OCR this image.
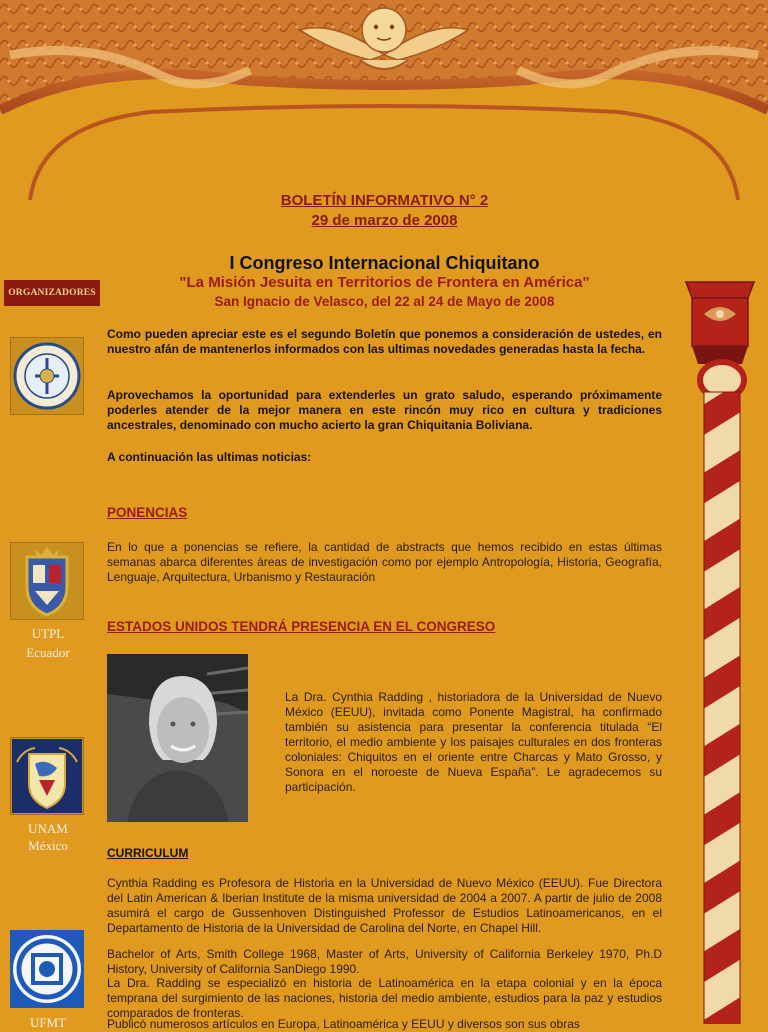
ORGANIZADORES
UTPL
Ecuador
UNAM
México
UFMT

BOLETÍN INFORMATIVO N° 2

29 de marzo de 2008

I Congreso Internacional Chiquitano

"La Misión Jesuita en Territorios de Frontera en América"

San Ignacio de Velasco, del 22 al 24 de Mayo de 2008

Como pueden apreciar este es el segundo Boletín que ponemos a consideración de ustedes, en nuestro afán de mantenerlos informados con las ultimas novedades generadas hasta la fecha.

Aprovechamos la oportunidad para extenderles un grato saludo, esperando próximamente poderles atender de la mejor manera en este rincón muy rico en cultura y tradiciones ancestrales, denominado con mucho acierto la gran Chiquitania Boliviana.

A continuación las ultimas noticias:

PONENCIAS

En lo que a ponencias se refiere, la cantidad de abstracts que hemos recibido en estas últimas semanas abarca diferentes áreas de investigación como por ejemplo Antropología, Historia, Geografía, Lenguaje, Arquitectura, Urbanismo y Restauración

ESTADOS UNIDOS TENDRÁ PRESENCIA EN EL CONGRESO

La Dra. Cynthia Radding , historiadora de la Universidad de Nuevo México (EEUU), invitada como Ponente Magistral, ha confirmado también su asistencia para presentar la conferencia titulada “El territorio, el medio ambiente y los paisajes culturales en dos fronteras coloniales: Chiquitos en el oriente entre Charcas y Mato Grosso, y Sonora en el noroeste de Nueva España”. Le agradecemos su participación.

CURRICULUM

Cynthia Radding es Profesora de Historia en la Universidad de Nuevo México (EEUU). Fue Directora del Latin American & Iberian Institute de la misma universidad de 2004 a 2007. A partir de julio de 2008 asumirá el cargo de Gussenhoven Distinguished Professor de Estudios Latinoamericanos, en el Departamento de Historia de la Universidad de Carolina del Norte, en Chapel Hill.

Bachelor of Arts, Smith College 1968, Master of Arts, University of California Berkeley 1970, Ph.D History, University of California SanDiego 1990.

La Dra. Radding se especializó en historia de Latinoamérica en la etapa colonial y en la época temprana del surgimiento de las naciones, historia del medio ambiente, estudios para la paz y estudios comparados de fronteras.

Publicó numerosos artículos en Europa, Latinoamérica y EEUU y diversos son sus obras
